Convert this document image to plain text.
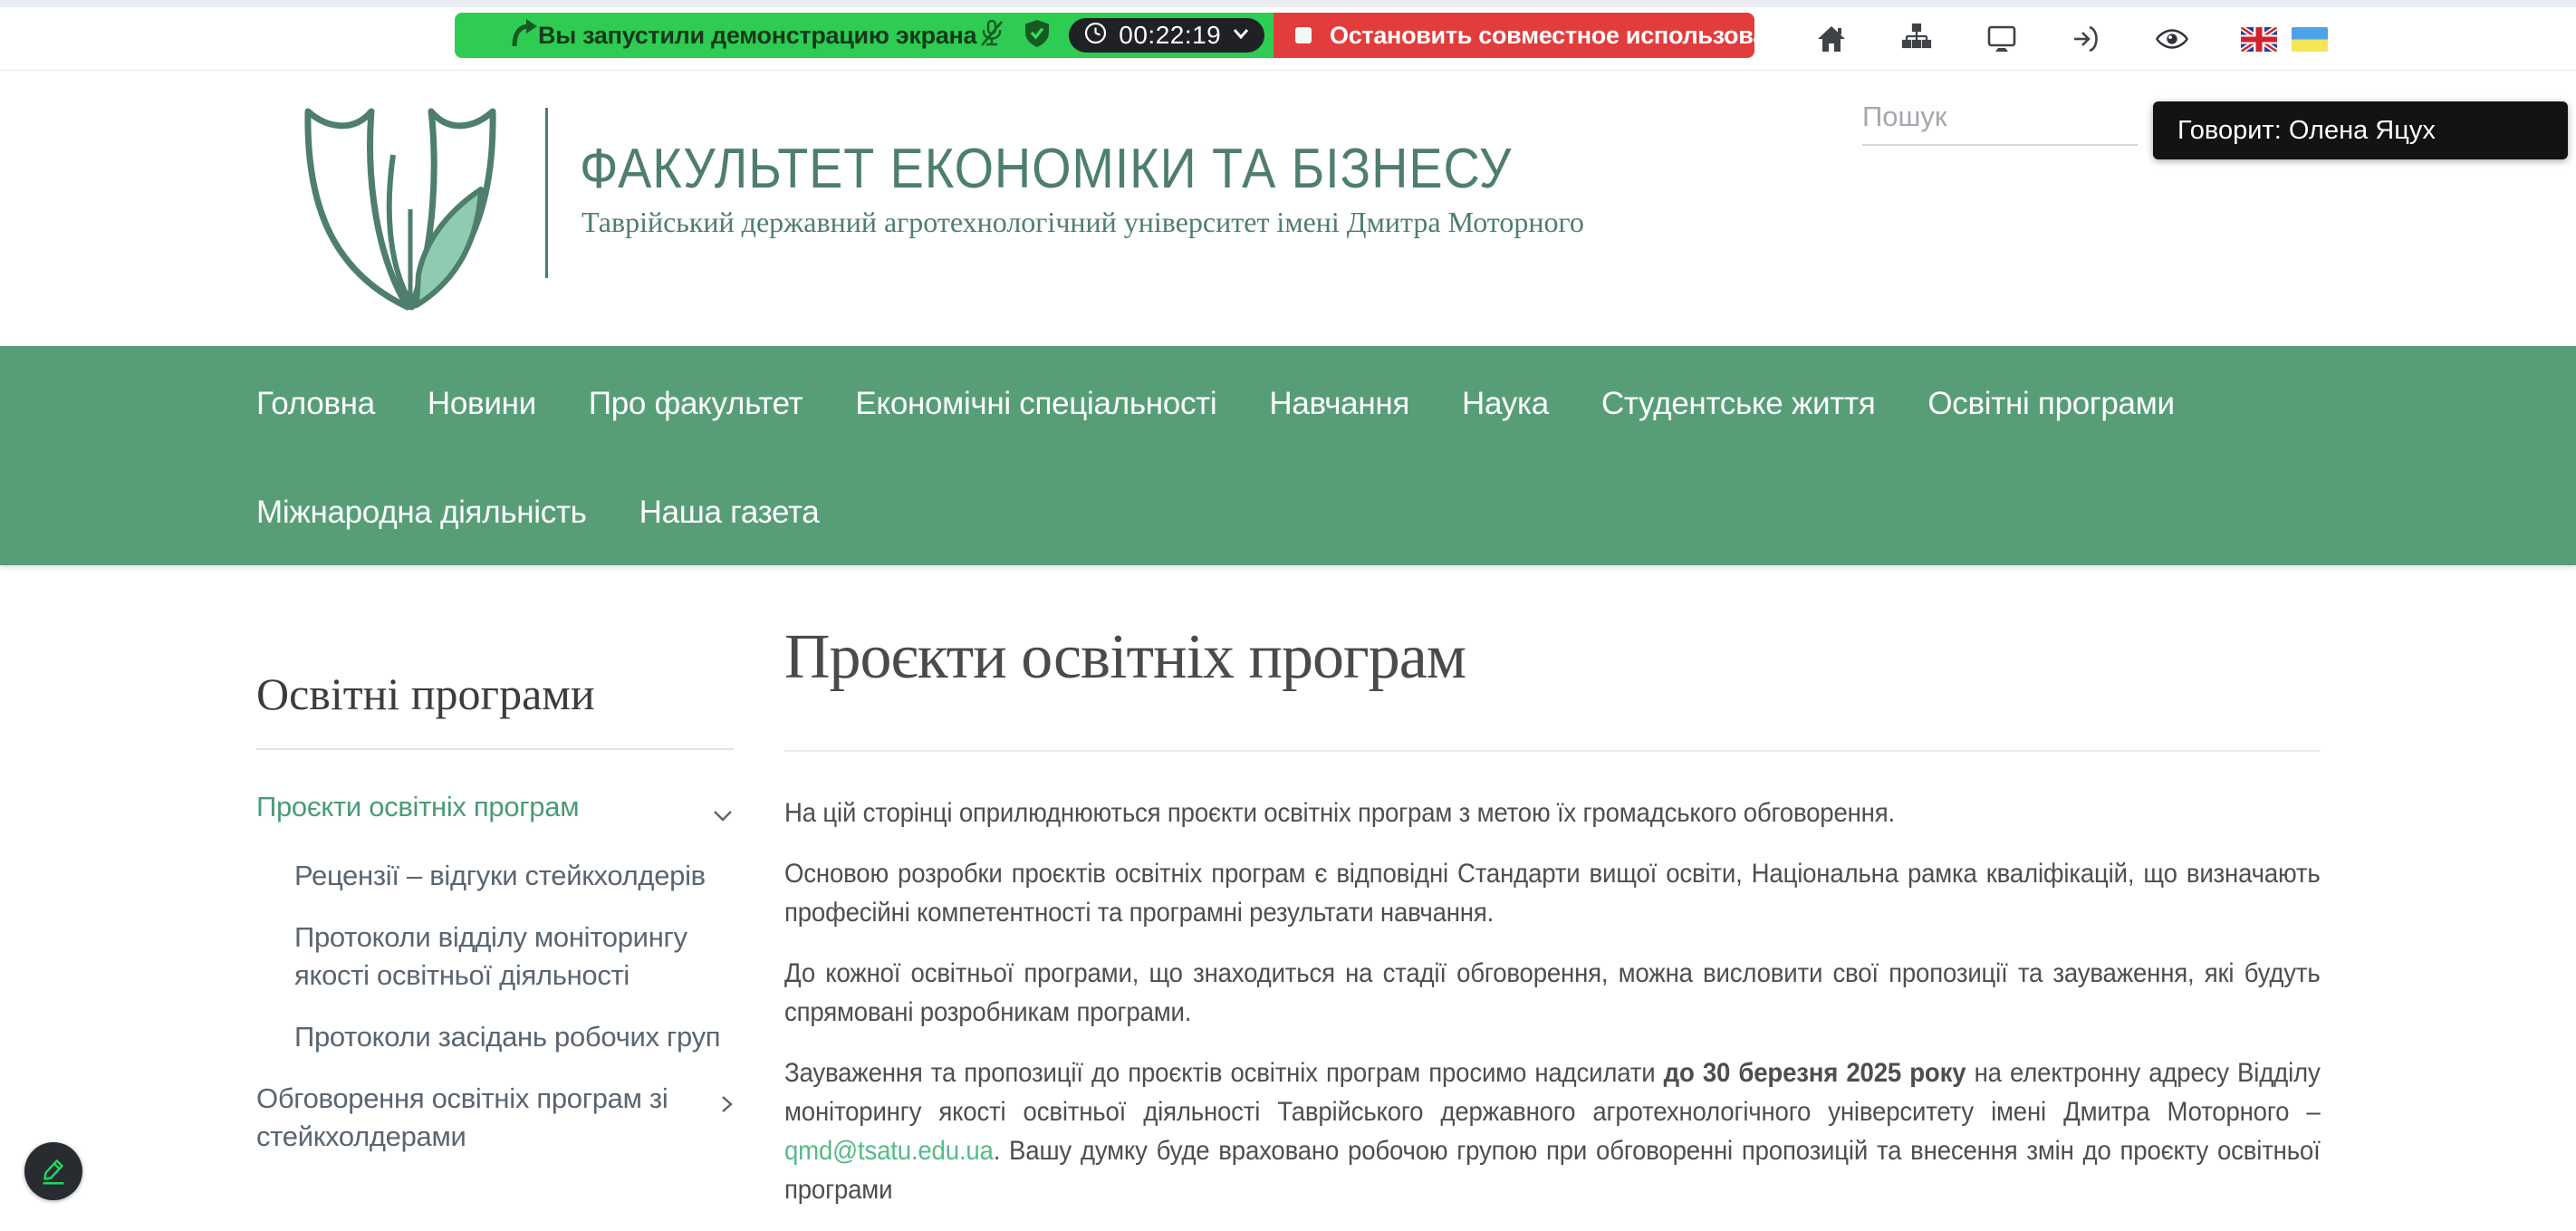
Вы запустили демонстрацию экрана	00:22:19	Остановить совместное использование
ФАКУЛЬТЕТ ЕКОНОМІКИ ТА БІЗНЕСУ
Таврійський державний агротехнологічний університет імені Дмитра Моторного
Пошук
Говорит: Олена Яцух
Головна Новини Про факультет Економічні спеціальності Навчання Наука Студентське життя Освітні програми
Міжнародна діяльність Наша газета
Освітні програми
Проєкти освітніх програм
Рецензії – відгуки стейкхолдерів
Протоколи відділу моніторингу якості освітньої діяльності
Протоколи засідань робочих груп
Обговорення освітніх програм зі стейкхолдерами
Проєкти освітніх програм

На цій сторінці оприлюднюються проєкти освітніх програм з метою їх громадського обговорення.

Основою розробки проєктів освітніх програм є відповідні Стандарти вищої освіти, Національна рамка кваліфікацій, що визначають професійні компетентності та програмні результати навчання.

До кожної освітньої програми, що знаходиться на стадії обговорення, можна висловити свої пропозиції та зауваження, які будуть спрямовані розробникам програми.

Зауваження та пропозиції до проєктів освітніх програм просимо надсилати до 30 березня 2025 року на електронну адресу Відділу моніторингу якості освітньої діяльності Таврійського державного агротехнологічного університету імені Дмитра Моторного – qmd@tsatu.edu.ua. Вашу думку буде враховано робочою групою при обговоренні пропозицій та внесення змін до проєкту освітньої програми
